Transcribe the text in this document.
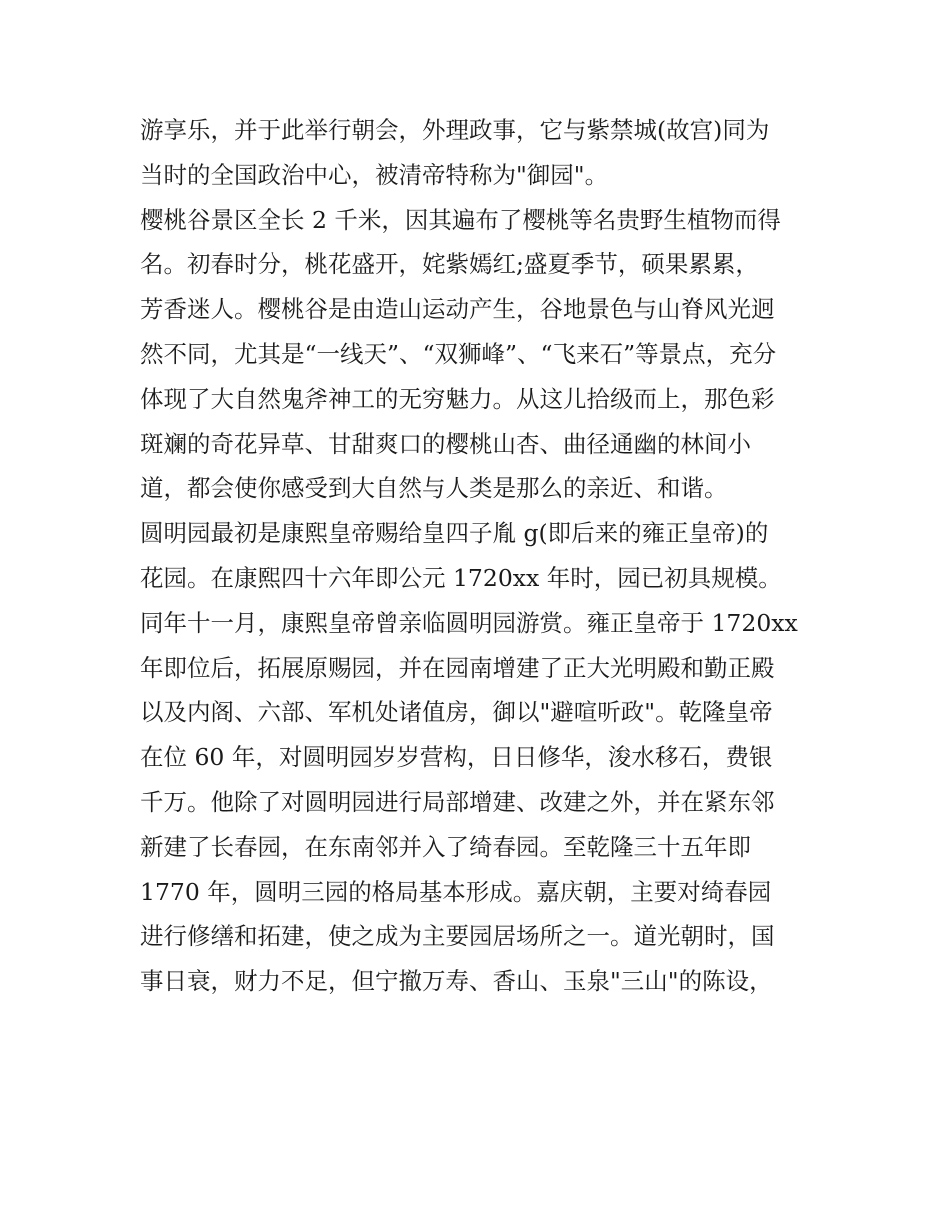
游享乐，并于此举行朝会，外理政事，它与紫禁城(故宫)同为
当时的全国政治中心，被清帝特称为"御园"。
樱桃谷景区全长 2 千米，因其遍布了樱桃等名贵野生植物而得
名。初春时分，桃花盛开，姹紫嫣红;盛夏季节，硕果累累，
芳香迷人。樱桃谷是由造山运动产生，谷地景色与山脊风光迥
然不同，尤其是“一线天”、“双狮峰”、“飞来石”等景点，充分
体现了大自然鬼斧神工的无穷魅力。从这儿拾级而上，那色彩
斑斓的奇花异草、甘甜爽口的樱桃山杏、曲径通幽的林间小
道，都会使你感受到大自然与人类是那么的亲近、和谐。
圆明园最初是康熙皇帝赐给皇四子胤 g(即后来的雍正皇帝)的
花园。在康熙四十六年即公元 1720xx 年时，园已初具规模。
同年十一月，康熙皇帝曾亲临圆明园游赏。雍正皇帝于 1720xx
年即位后，拓展原赐园，并在园南增建了正大光明殿和勤正殿
以及内阁、六部、军机处诸值房，御以"避喧听政"。乾隆皇帝
在位 60 年，对圆明园岁岁营构，日日修华，浚水移石，费银
千万。他除了对圆明园进行局部增建、改建之外，并在紧东邻
新建了长春园，在东南邻并入了绮春园。至乾隆三十五年即
1770 年，圆明三园的格局基本形成。嘉庆朝，主要对绮春园
进行修缮和拓建，使之成为主要园居场所之一。道光朝时，国
事日衰，财力不足，但宁撤万寿、香山、玉泉"三山"的陈设，
